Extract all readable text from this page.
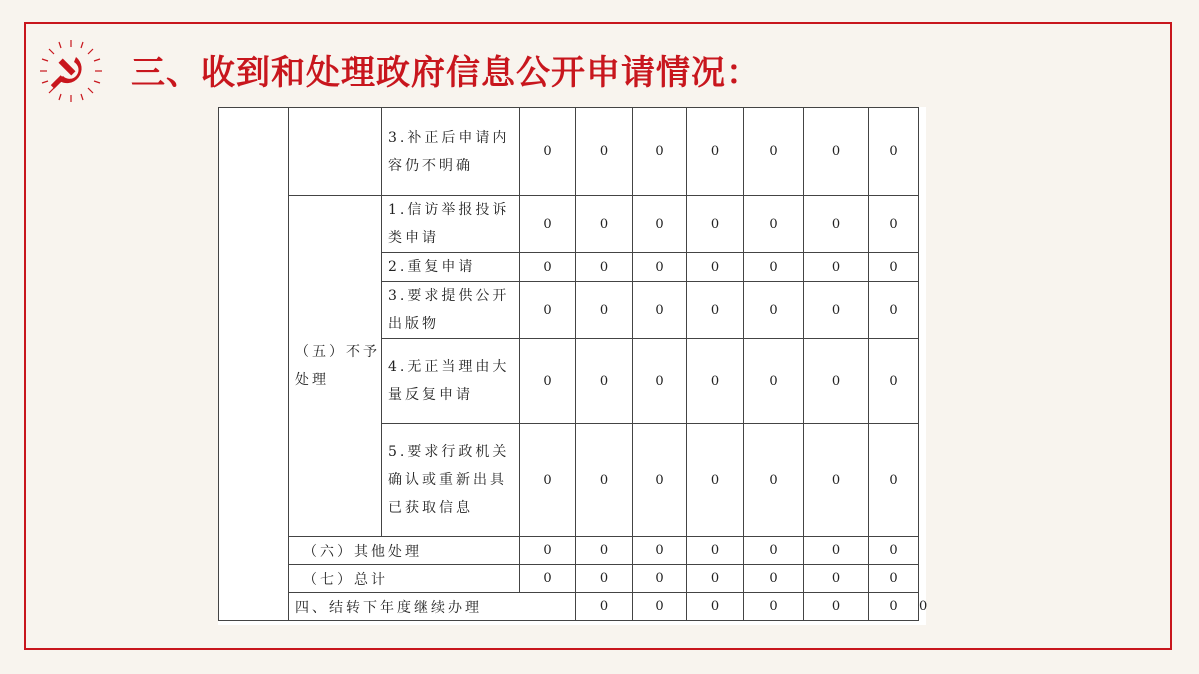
三、收到和处理政府信息公开申请情况：
		3.补正后申请内容仍不明确	0	0	0	0	0	0	0	
	（五）不予处理	1.信访举报投诉类申请	0	0	0	0	0	0	0	
		2.重复申请	0	0	0	0	0	0	0	
		3.要求提供公开出版物	0	0	0	0	0	0	0	
		4.无正当理由大量反复申请	0	0	0	0	0	0	0	
		5.要求行政机关确认或重新出具已获取信息	0	0	0	0	0	0	0	
	（六）其他处理		0	0	0	0	0	0	0	
	（七）总计		0	0	0	0	0	0	0	
	四、结转下年度继续办理			0	0	0	0	0	0	0
